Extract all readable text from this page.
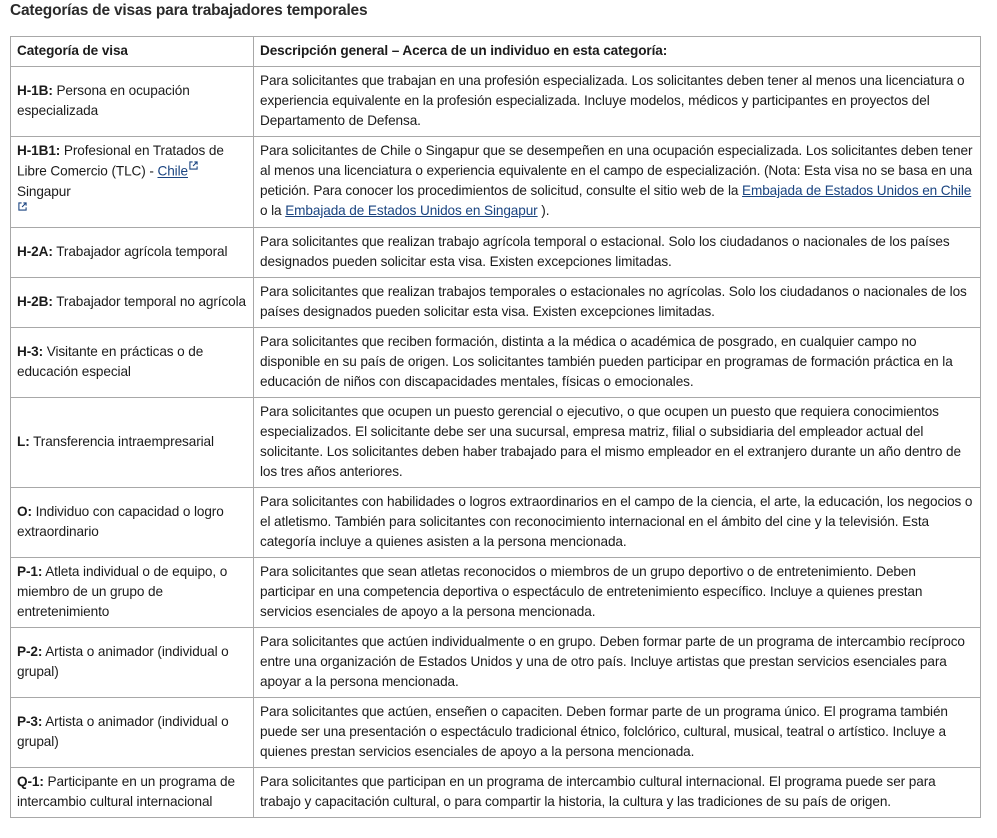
Categorías de visas para trabajadores temporales
Categoría de visa	Descripción general – Acerca de un individuo en esta categoría:
H-1B: Persona en ocupación especializada	Para solicitantes que trabajan en una profesión especializada. Los solicitantes deben tener al menos una licenciatura o experiencia equivalente en la profesión especializada. Incluye modelos, médicos y participantes en proyectos del Departamento de Defensa.
H-1B1: Profesional en Tratados de Libre Comercio (TLC) - ChileSingapur	Para solicitantes de Chile o Singapur que se desempeñen en una ocupación especializada. Los solicitantes deben tener al menos una licenciatura o experiencia equivalente en el campo de especialización. (Nota: Esta visa no se basa en una petición. Para conocer los procedimientos de solicitud, consulte el sitio web de la Embajada de Estados Unidos en Chile o la Embajada de Estados Unidos en Singapur ).
H-2A: Trabajador agrícola temporal	Para solicitantes que realizan trabajo agrícola temporal o estacional. Solo los ciudadanos o nacionales de los países designados pueden solicitar esta visa. Existen excepciones limitadas.
H-2B: Trabajador temporal no agrícola	Para solicitantes que realizan trabajos temporales o estacionales no agrícolas. Solo los ciudadanos o nacionales de los países designados pueden solicitar esta visa. Existen excepciones limitadas.
H-3: Visitante en prácticas o de educación especial	Para solicitantes que reciben formación, distinta a la médica o académica de posgrado, en cualquier campo no disponible en su país de origen. Los solicitantes también pueden participar en programas de formación práctica en la educación de niños con discapacidades mentales, físicas o emocionales.
L: Transferencia intraempresarial	Para solicitantes que ocupen un puesto gerencial o ejecutivo, o que ocupen un puesto que requiera conocimientos especializados. El solicitante debe ser una sucursal, empresa matriz, filial o subsidiaria del empleador actual del solicitante. Los solicitantes deben haber trabajado para el mismo empleador en el extranjero durante un año dentro de los tres años anteriores.
O: Individuo con capacidad o logro extraordinario	Para solicitantes con habilidades o logros extraordinarios en el campo de la ciencia, el arte, la educación, los negocios o el atletismo. También para solicitantes con reconocimiento internacional en el ámbito del cine y la televisión. Esta categoría incluye a quienes asisten a la persona mencionada.
P-1: Atleta individual o de equipo, o miembro de un grupo de entretenimiento	Para solicitantes que sean atletas reconocidos o miembros de un grupo deportivo o de entretenimiento. Deben participar en una competencia deportiva o espectáculo de entretenimiento específico. Incluye a quienes prestan servicios esenciales de apoyo a la persona mencionada.
P-2: Artista o animador (individual o grupal)	Para solicitantes que actúen individualmente o en grupo. Deben formar parte de un programa de intercambio recíproco entre una organización de Estados Unidos y una de otro país. Incluye artistas que prestan servicios esenciales para apoyar a la persona mencionada.
P-3: Artista o animador (individual o grupal)	Para solicitantes que actúen, enseñen o capaciten. Deben formar parte de un programa único. El programa también puede ser una presentación o espectáculo tradicional étnico, folclórico, cultural, musical, teatral o artístico. Incluye a quienes prestan servicios esenciales de apoyo a la persona mencionada.
Q-1: Participante en un programa de intercambio cultural internacional	Para solicitantes que participan en un programa de intercambio cultural internacional. El programa puede ser para trabajo y capacitación cultural, o para compartir la historia, la cultura y las tradiciones de su país de origen.
